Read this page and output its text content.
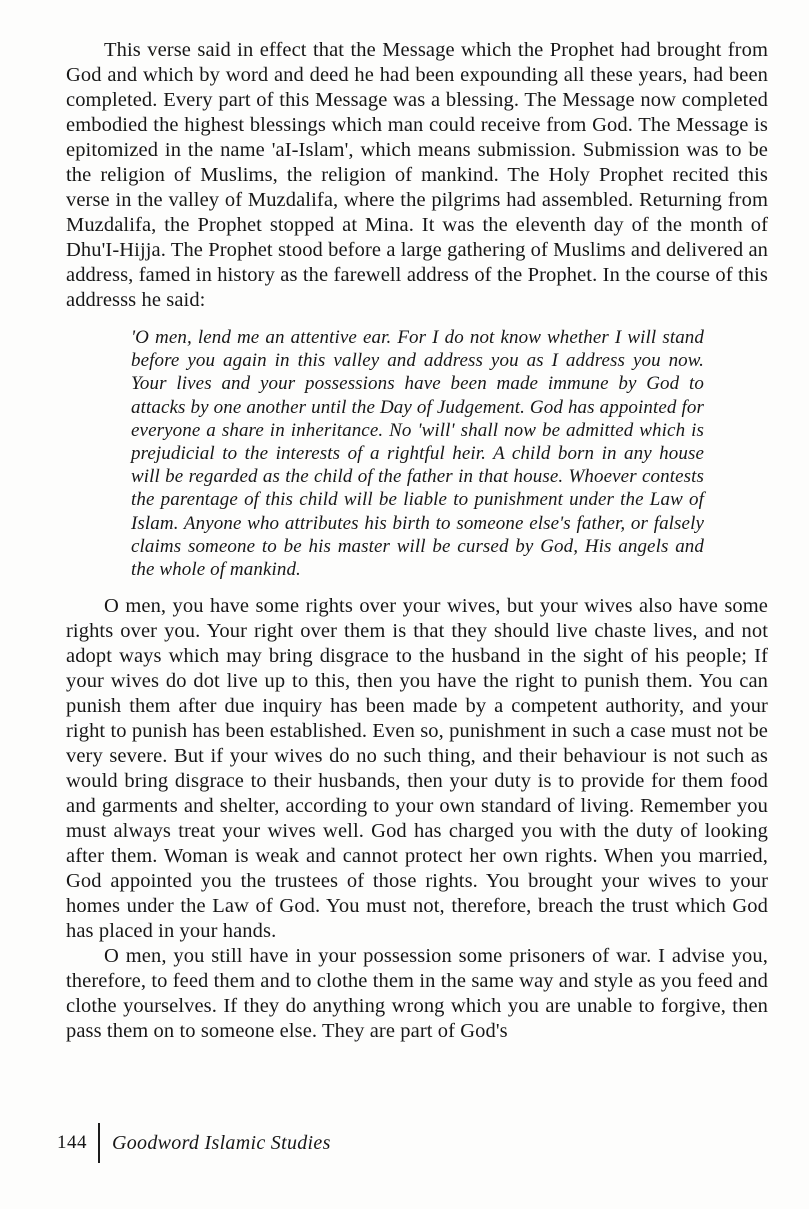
This verse said in effect that the Message which the Prophet had brought from God and which by word and deed he had been expounding all these years, had been completed. Every part of this Message was a blessing. The Message now completed embodied the highest blessings which man could receive from God. The Message is epitomized in the name 'aI-Islam', which means submission. Submission was to be the religion of Muslims, the religion of mankind. The Holy Prophet recited this verse in the valley of Muzdalifa, where the pilgrims had assembled. Returning from Muzdalifa, the Prophet stopped at Mina. It was the eleventh day of the month of Dhu'I-Hijja. The Prophet stood before a large gathering of Muslims and delivered an address, famed in history as the farewell address of the Prophet. In the course of this addresss he said:

'O men, lend me an attentive ear. For I do not know whether I will stand before you again in this valley and address you as I address you now. Your lives and your possessions have been made immune by God to attacks by one another until the Day of Judgement. God has appointed for everyone a share in inheritance. No 'will' shall now be admitted which is prejudicial to the interests of a rightful heir. A child born in any house will be regarded as the child of the father in that house. Whoever contests the parentage of this child will be liable to punishment under the Law of Islam. Anyone who attributes his birth to someone else's father, or falsely claims someone to be his master will be cursed by God, His angels and the whole of mankind.

O men, you have some rights over your wives, but your wives also have some rights over you. Your right over them is that they should live chaste lives, and not adopt ways which may bring disgrace to the husband in the sight of his people; If your wives do dot live up to this, then you have the right to punish them. You can punish them after due inquiry has been made by a competent authority, and your right to punish has been established. Even so, punishment in such a case must not be very severe. But if your wives do no such thing, and their behaviour is not such as would bring disgrace to their husbands, then your duty is to provide for them food and garments and shelter, according to your own standard of living. Remember you must always treat your wives well. God has charged you with the duty of looking after them. Woman is weak and cannot protect her own rights. When you married, God appointed you the trustees of those rights. You brought your wives to your homes under the Law of God. You must not, therefore, breach the trust which God has placed in your hands.

O men, you still have in your possession some prisoners of war. I advise you, therefore, to feed them and to clothe them in the same way and style as you feed and clothe yourselves. If they do anything wrong which you are unable to forgive, then pass them on to someone else. They are part of God's

144 Goodword Islamic Studies
